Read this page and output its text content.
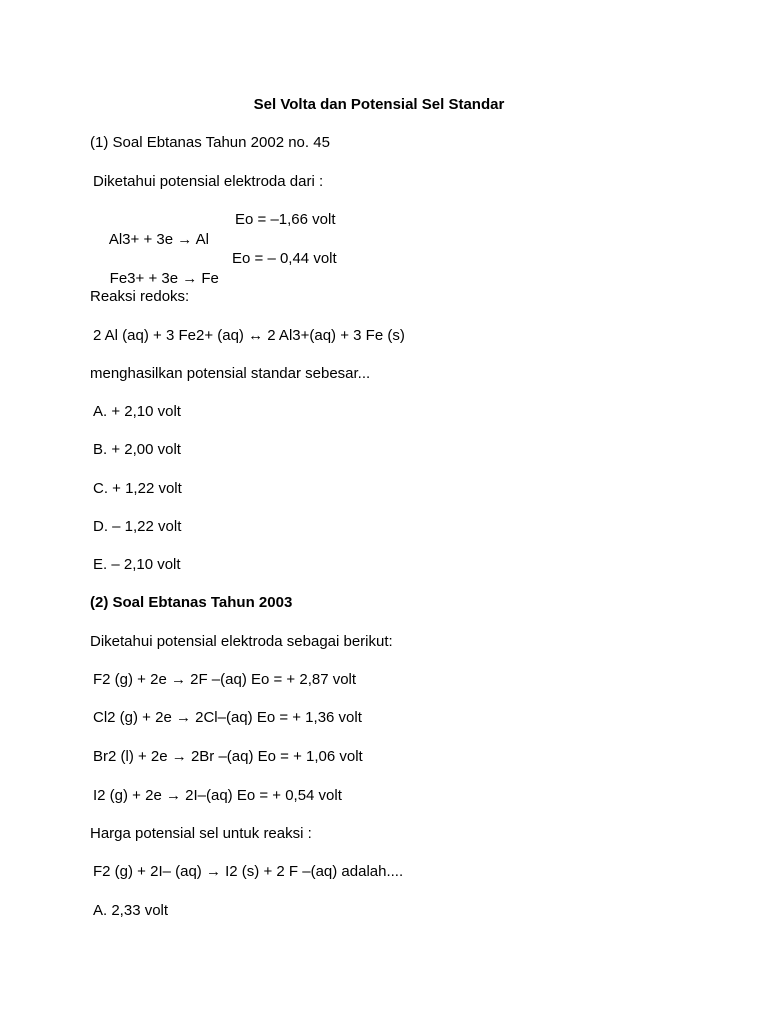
Sel Volta dan Potensial Sel Standar
(1) Soal Ebtanas Tahun 2002 no. 45
Diketahui potensial elektroda dari :

Al3+ + 3e → Al

Eo = –1,66 volt

Fe3+ + 3e → Fe

Eo = – 0,44 volt

Reaksi redoks:
2 Al (aq) + 3 Fe2+ (aq) ↔ 2 Al3+(aq) + 3 Fe (s)
menghasilkan potensial standar sebesar...
A. + 2,10 volt
B. + 2,00 volt
C. + 1,22 volt
D. – 1,22 volt
E. – 2,10 volt
(2) Soal Ebtanas Tahun 2003
Diketahui potensial elektroda sebagai berikut:
F2 (g) + 2e → 2F –(aq) Eo = + 2,87 volt
Cl2 (g) + 2e → 2Cl–(aq) Eo = + 1,36 volt
Br2 (l) + 2e → 2Br –(aq) Eo = + 1,06 volt
I2 (g) + 2e → 2I–(aq) Eo = + 0,54 volt
Harga potensial sel untuk reaksi :
F2 (g) + 2I– (aq) → I2 (s) + 2 F –(aq) adalah....
A. 2,33 volt
